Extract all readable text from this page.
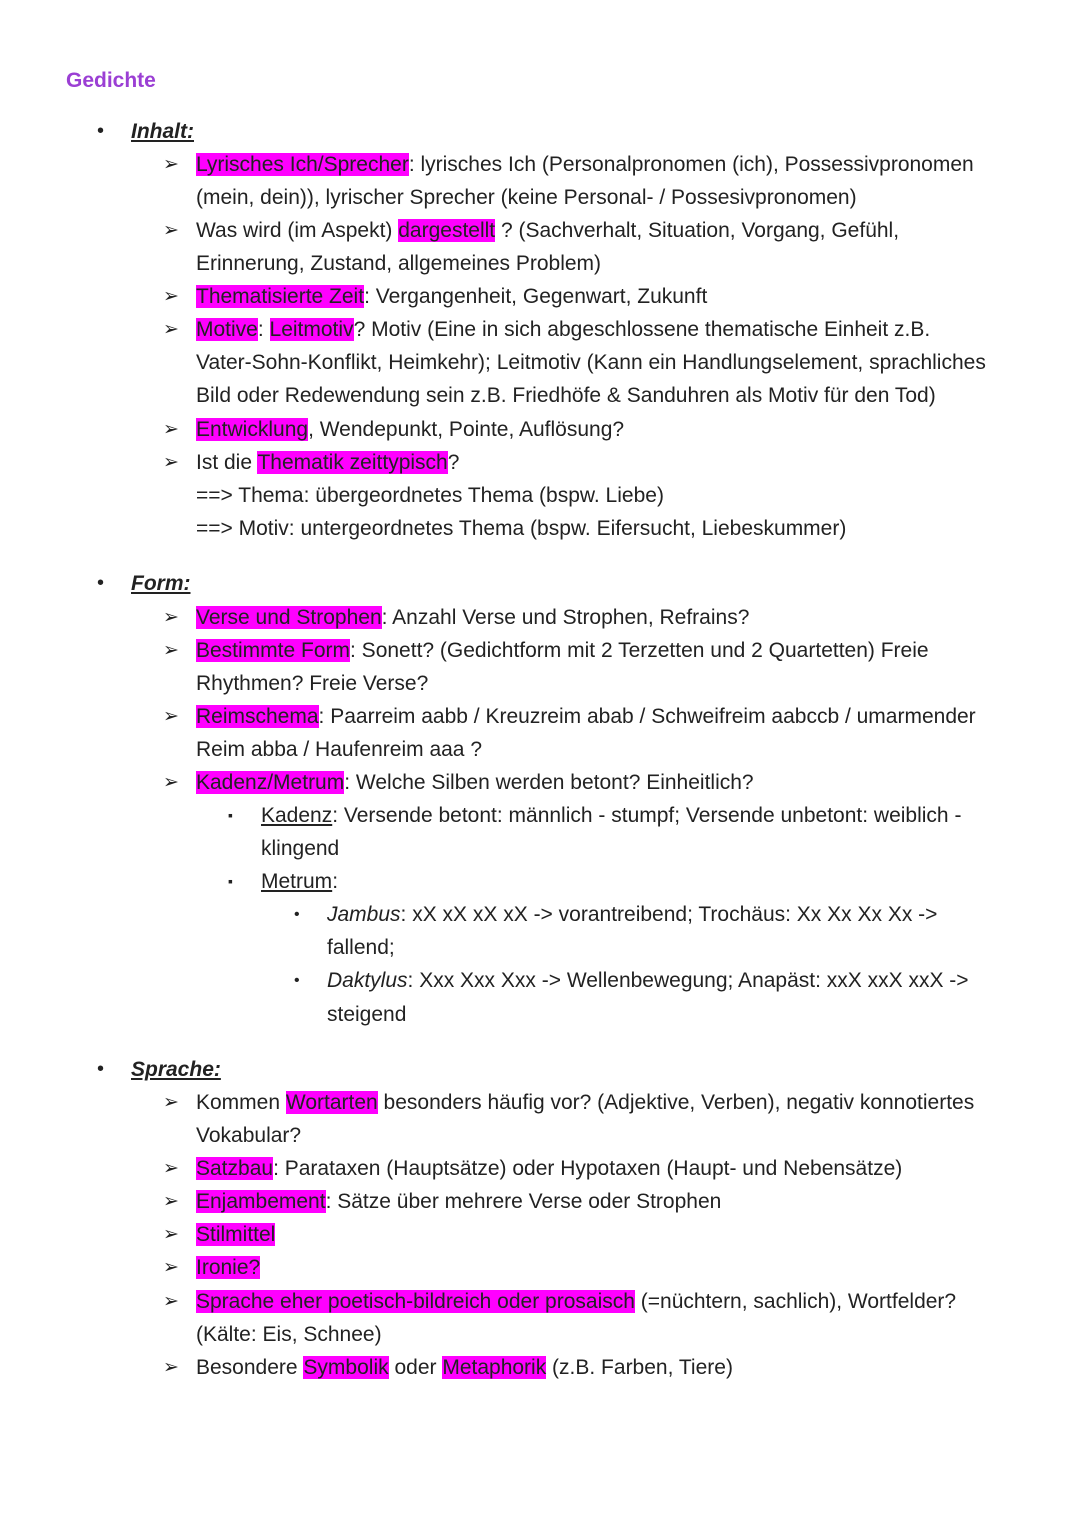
Gedichte
• Inhalt:
➢ Lyrisches Ich/Sprecher: lyrisches Ich (Personalpronomen (ich), Possessivpronomen
(mein, dein)), lyrischer Sprecher (keine Personal- / Possesivpronomen)
➢ Was wird (im Aspekt) dargestellt ? (Sachverhalt, Situation, Vorgang, Gefühl,
Erinnerung, Zustand, allgemeines Problem)
➢ Thematisierte Zeit: Vergangenheit, Gegenwart, Zukunft
➢ Motive: Leitmotiv? Motiv (Eine in sich abgeschlossene thematische Einheit z.B.
Vater-Sohn-Konflikt, Heimkehr); Leitmotiv (Kann ein Handlungselement, sprachliches
Bild oder Redewendung sein z.B. Friedhöfe & Sanduhren als Motiv für den Tod)
➢ Entwicklung, Wendepunkt, Pointe, Auflösung?
➢ Ist die Thematik zeittypisch?
==> Thema: übergeordnetes Thema (bspw. Liebe)
==> Motiv: untergeordnetes Thema (bspw. Eifersucht, Liebeskummer)
• Form:
➢ Verse und Strophen: Anzahl Verse und Strophen, Refrains?
➢ Bestimmte Form: Sonett? (Gedichtform mit 2 Terzetten und 2 Quartetten) Freie
Rhythmen? Freie Verse?
➢ Reimschema: Paarreim aabb / Kreuzreim abab / Schweifreim aabccb / umarmender
Reim abba / Haufenreim aaa ?
➢ Kadenz/Metrum: Welche Silben werden betont? Einheitlich?
▪ Kadenz: Versende betont: männlich - stumpf; Versende unbetont: weiblich -
klingend
▪ Metrum:
• Jambus: xX xX xX xX -> vorantreibend; Trochäus: Xx Xx Xx Xx ->
fallend;
• Daktylus: Xxx Xxx Xxx -> Wellenbewegung; Anapäst: xxX xxX xxX ->
steigend
• Sprache:
➢ Kommen Wortarten besonders häufig vor? (Adjektive, Verben), negativ konnotiertes
Vokabular?
➢ Satzbau: Parataxen (Hauptsätze) oder Hypotaxen (Haupt- und Nebensätze)
➢ Enjambement: Sätze über mehrere Verse oder Strophen
➢ Stilmittel
➢ Ironie?
➢ Sprache eher poetisch-bildreich oder prosaisch (=nüchtern, sachlich), Wortfelder?
(Kälte: Eis, Schnee)
➢ Besondere Symbolik oder Metaphorik (z.B. Farben, Tiere)
